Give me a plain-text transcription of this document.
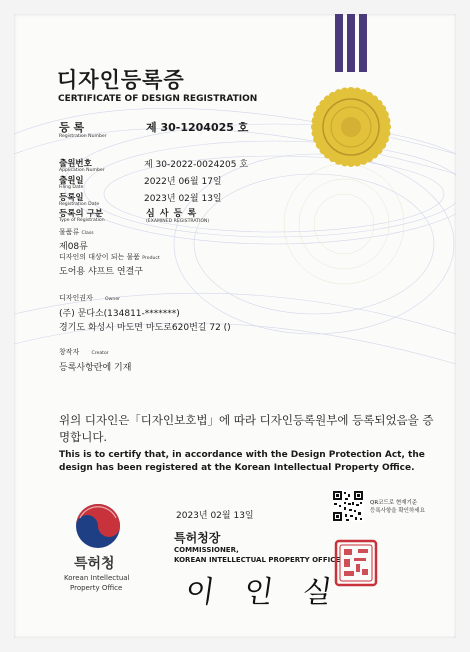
디자인등록증
CERTIFICATE OF DESIGN REGISTRATION
등 록
Registration Number
제 30-1204025 호
출원번호
Application Number
제 30-2022-0024205 호
출원일
Filing Date
2022년 06월 17일
등록일
Registration Date
2023년 02월 13일
등록의 구분
Type of Registration
심 사 등 록
(EXAMINED REGISTRATION)
물품류 Class
제08류
디자인의 대상이 되는 물품 Product
도어용 샤프트 연결구
디자인권자	Owner
(주) 문다소(134811-*******)
경기도 화성시 마도면 마도로620번길 72 ()
창작자	Creator
등록사항란에 기재
위의 디자인은「디자인보호법」에 따라 디자인등록원부에 등록되었음을 증명합니다.
This is to certify that, in accordance with the Design Protection Act, the design has been registered at the Korean Intellectual Property Office.
2023년 02월 13일
특허청장
COMMISSIONER,
KOREAN INTELLECTUAL PROPERTY OFFICE
이 인 실
QR코드로 현재기준
등록사항을 확인하세요
특허청
Korean Intellectual
Property Office
